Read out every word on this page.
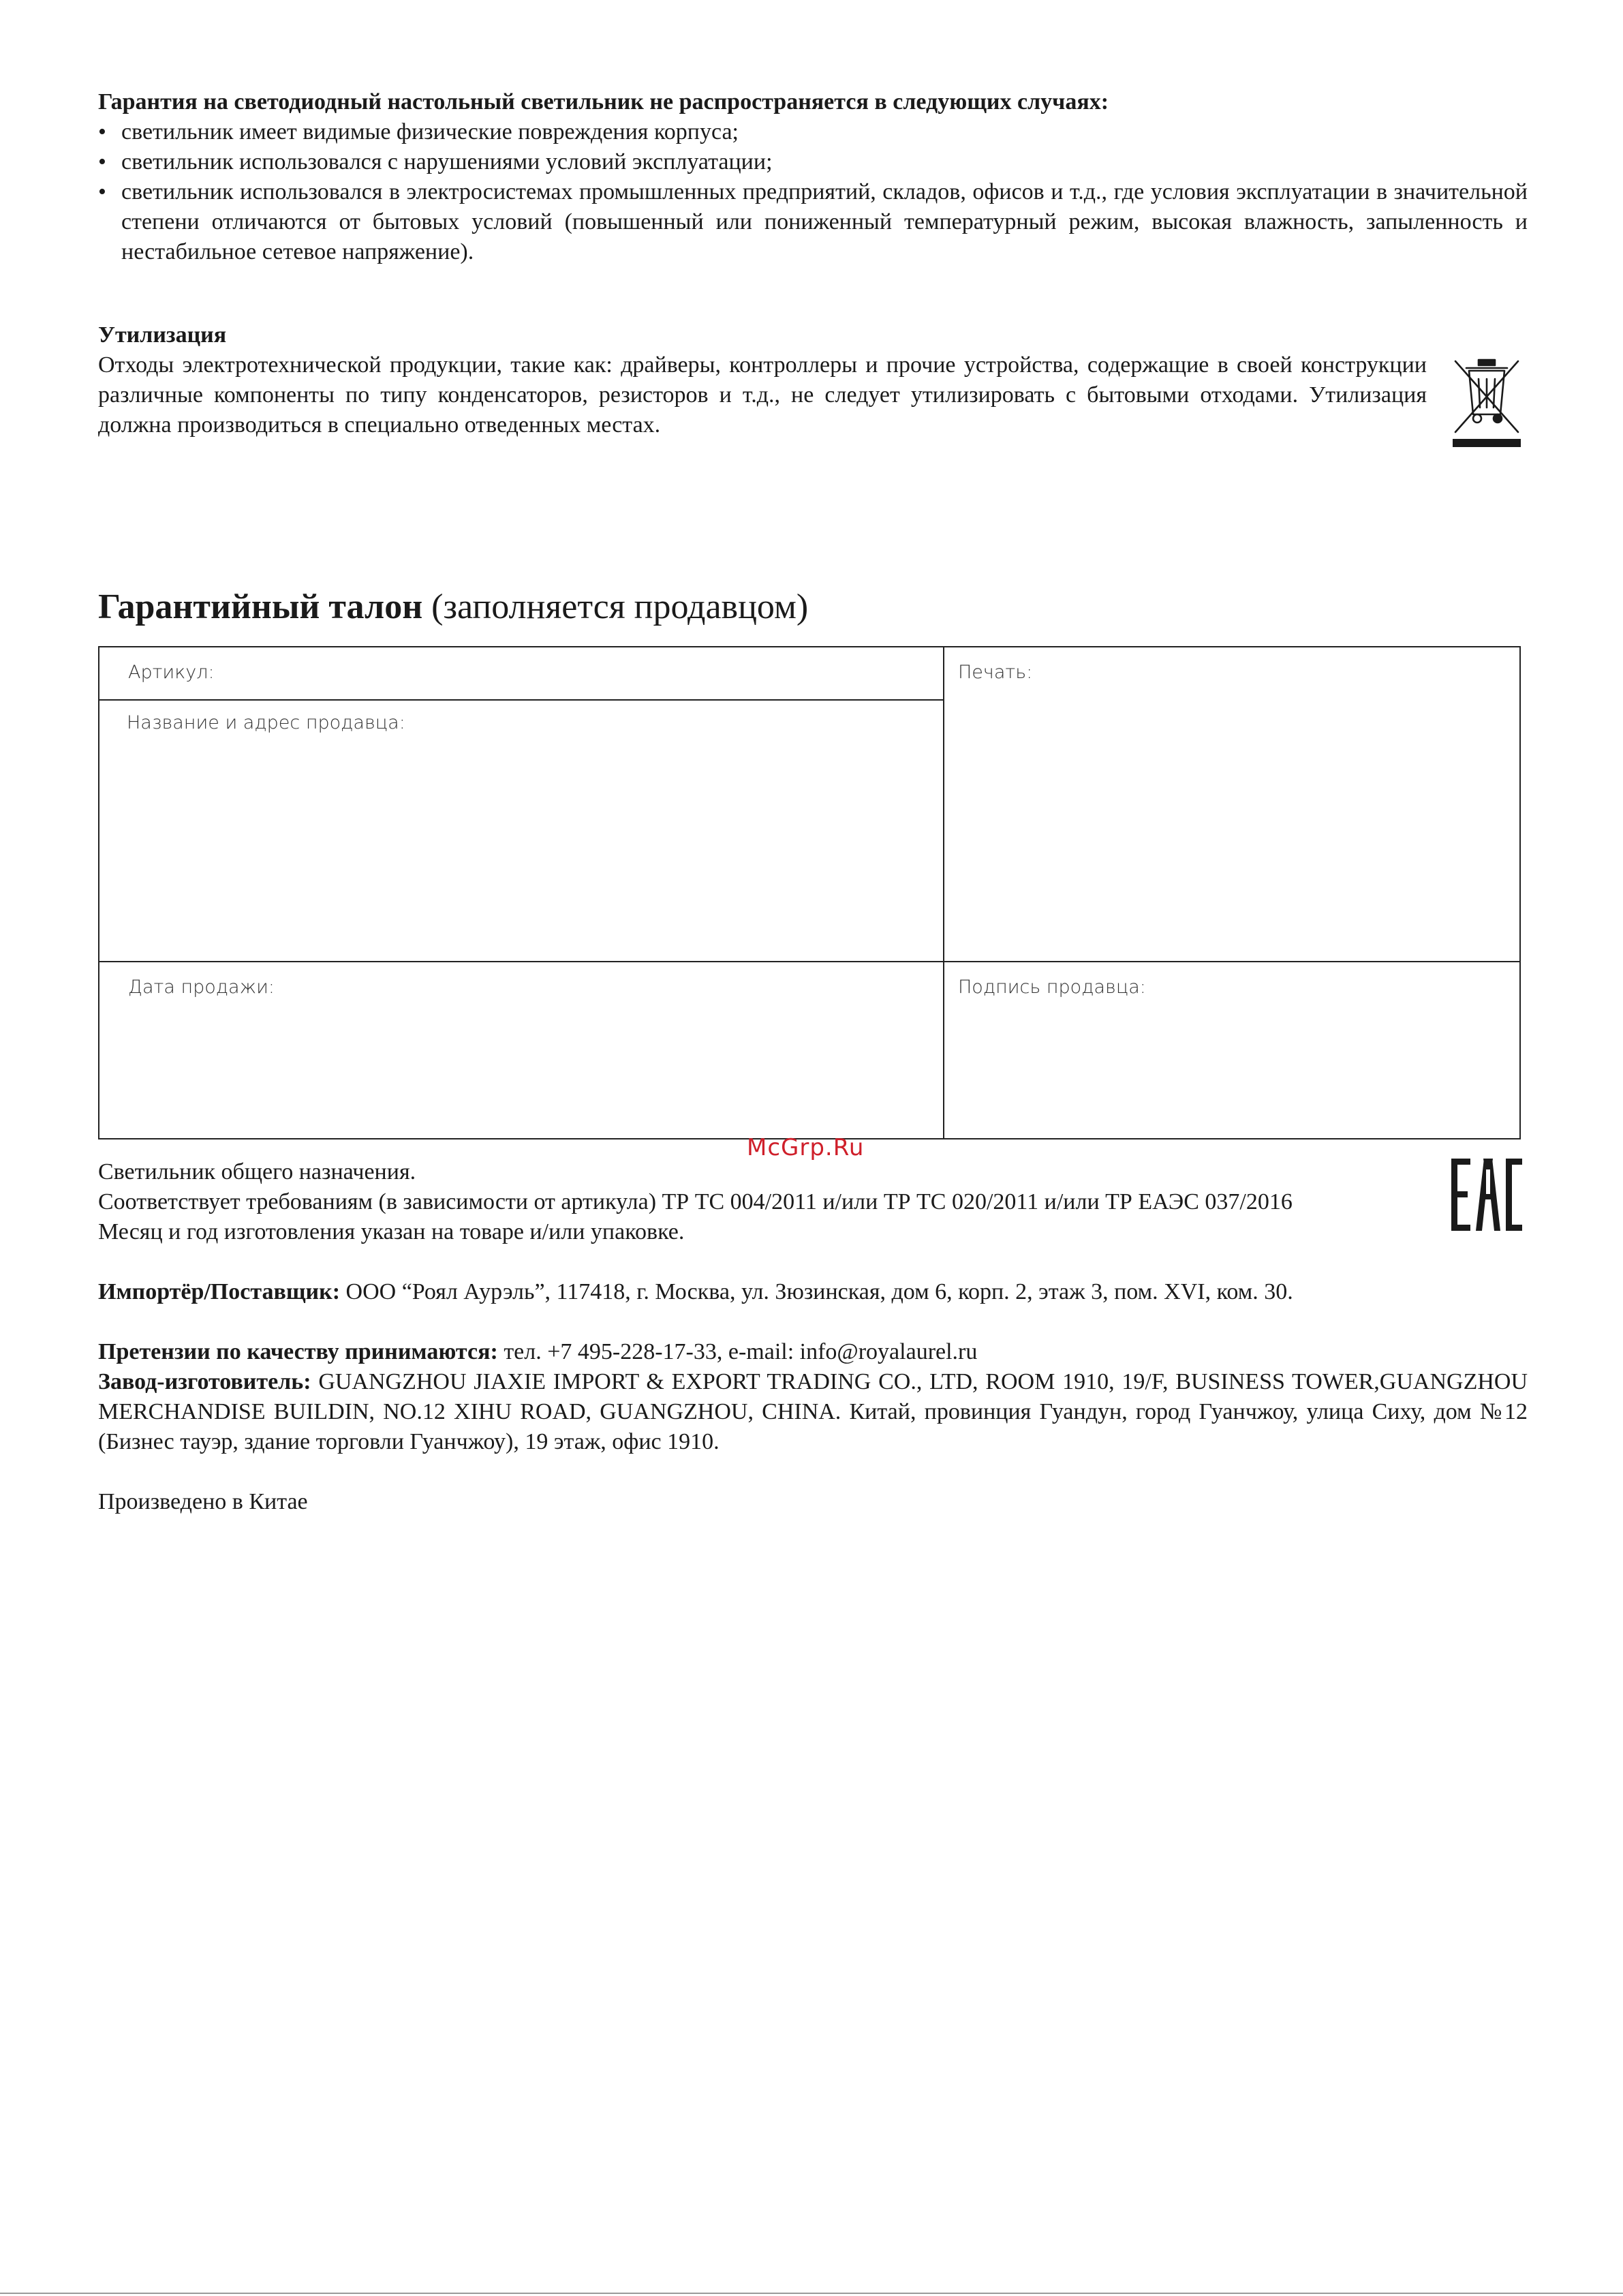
Гарантия на светодиодный настольный светильник не распространяется в следующих случаях:
• светильник имеет видимые физические повреждения корпуса;
• светильник использовался с нарушениями условий эксплуатации;
• светильник использовался в электросистемах промышленных предприятий, складов, офисов и т.д., где условия эксплуатации в значительной степени отличаются от бытовых условий (повышенный или пониженный температурный режим, высокая влажность, запыленность и нестабильное сетевое напряжение).
Утилизация

Отходы электротехнической продукции, такие как: драйверы, контроллеры и прочие устройства, содержащие в своей конструкции различные компоненты по типу конденсаторов, резисторов и т.д., не следует утилизировать с бытовыми отходами. Утилизация должна производиться в специально отведенных местах.

Гарантийный талон (заполняется продавцом)
Артикул:
Название и адрес продавца:
Печать:
Дата продажи:	Подпись продавца:
McGrp.Ru

Светильник общего назначения.

Соответствует требованиям (в зависимости от артикула) ТР ТС 004/2011 и/или ТР ТС 020/2011 и/или ТР ЕАЭС 037/2016

Месяц и год изготовления указан на товаре и/или упаковке.

Импортёр/Поставщик: ООО “Роял Аурэль”, 117418, г. Москва, ул. Зюзинская, дом 6, корп. 2, этаж 3, пом. XVI, ком. 30.

Претензии по качеству принимаются: тел. +7 495-228-17-33, e-mail: info@royalaurel.ru

Завод-изготовитель: GUANGZHOU JIAXIE IMPORT & EXPORT TRADING CO., LTD, ROOM 1910, 19/F, BUSINESS TOWER,GUANGZHOU MERCHANDISE BUILDIN, NO.12 XIHU ROAD, GUANGZHOU, CHINA. Китай, провинция Гуандун, город Гуанчжоу, улица Сиху, дом №12 (Бизнес тауэр, здание торговли Гуанчжоу), 19 этаж, офис 1910.

Произведено в Китае
